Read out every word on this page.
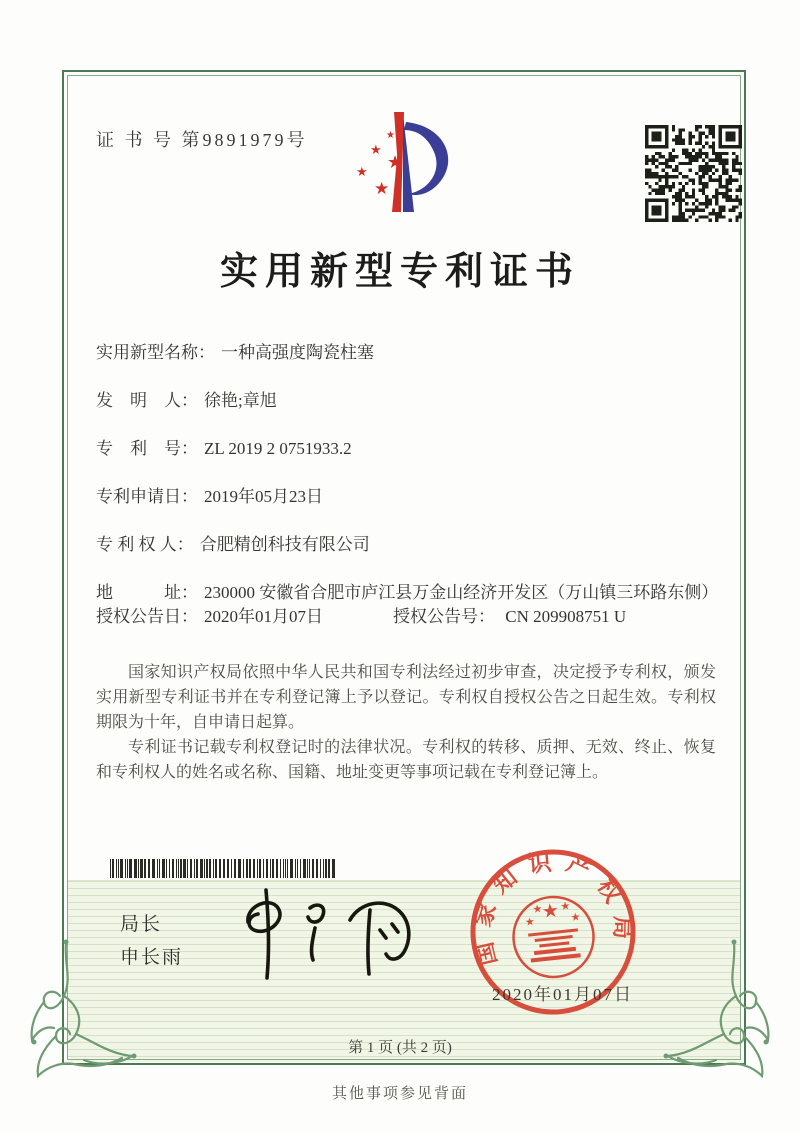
证 书 号 第9891979号	★
★
★
★
★
实用新型专利证书
实用新型名称： 一种高强度陶瓷柱塞
发　明　人： 徐艳;章旭
专　利　号： ZL 2019 2 0751933.2
专利申请日： 2019年05月23日
专 利 权 人： 合肥精创科技有限公司
地　　　址： 230000 安徽省合肥市庐江县万金山经济开发区（万山镇三环路东侧）
授权公告日： 2020年01月07日	授权公告号： CN 209908751 U

国家知识产权局依照中华人民共和国专利法经过初步审查，决定授予专利权，颁发实用新型专利证书并在专利登记簿上予以登记。专利权自授权公告之日起生效。专利权期限为十年，自申请日起算。

专利证书记载专利权登记时的法律状况。专利权的转移、质押、无效、终止、恢复和专利权人的姓名或名称、国籍、地址变更等事项记载在专利登记簿上。

局长
申长雨	国家知识产权局
★
★
★ ★
★
2020年01月07日
第 1 页 (共 2 页)
其他事项参见背面
